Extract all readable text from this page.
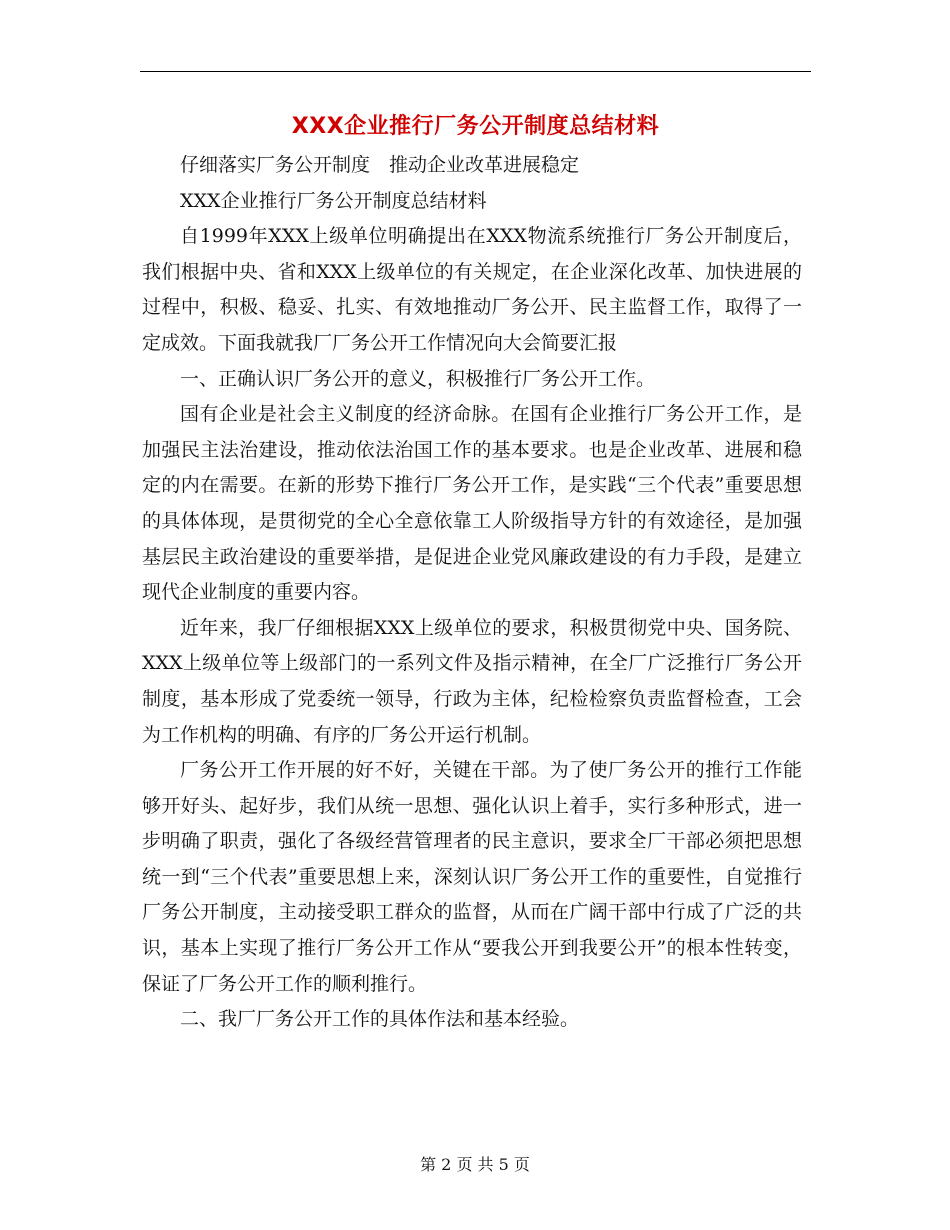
XXX企业推行厂务公开制度总结材料

仔细落实厂务公开制度　推动企业改革进展稳定

XXX企业推行厂务公开制度总结材料

自1999年XXX上级单位明确提出在XXX物流系统推行厂务公开制度后，我们根据中央、省和XXX上级单位的有关规定，在企业深化改革、加快进展的过程中，积极、稳妥、扎实、有效地推动厂务公开、民主监督工作，取得了一定成效。下面我就我厂厂务公开工作情况向大会简要汇报

一、正确认识厂务公开的意义，积极推行厂务公开工作。

国有企业是社会主义制度的经济命脉。在国有企业推行厂务公开工作，是加强民主法治建设，推动依法治国工作的基本要求。也是企业改革、进展和稳定的内在需要。在新的形势下推行厂务公开工作，是实践“三个代表”重要思想的具体体现，是贯彻党的全心全意依靠工人阶级指导方针的有效途径，是加强基层民主政治建设的重要举措，是促进企业党风廉政建设的有力手段，是建立现代企业制度的重要内容。

近年来，我厂仔细根据XXX上级单位的要求，积极贯彻党中央、国务院、XXX上级单位等上级部门的一系列文件及指示精神，在全厂广泛推行厂务公开制度，基本形成了党委统一领导，行政为主体，纪检检察负责监督检查，工会为工作机构的明确、有序的厂务公开运行机制。

厂务公开工作开展的好不好，关键在干部。为了使厂务公开的推行工作能够开好头、起好步，我们从统一思想、强化认识上着手，实行多种形式，进一步明确了职责，强化了各级经营管理者的民主意识，要求全厂干部必须把思想统一到“三个代表”重要思想上来，深刻认识厂务公开工作的重要性，自觉推行厂务公开制度，主动接受职工群众的监督，从而在广阔干部中行成了广泛的共识，基本上实现了推行厂务公开工作从“要我公开到我要公开”的根本性转变，保证了厂务公开工作的顺利推行。

二、我厂厂务公开工作的具体作法和基本经验。

第 2 页 共 5 页
